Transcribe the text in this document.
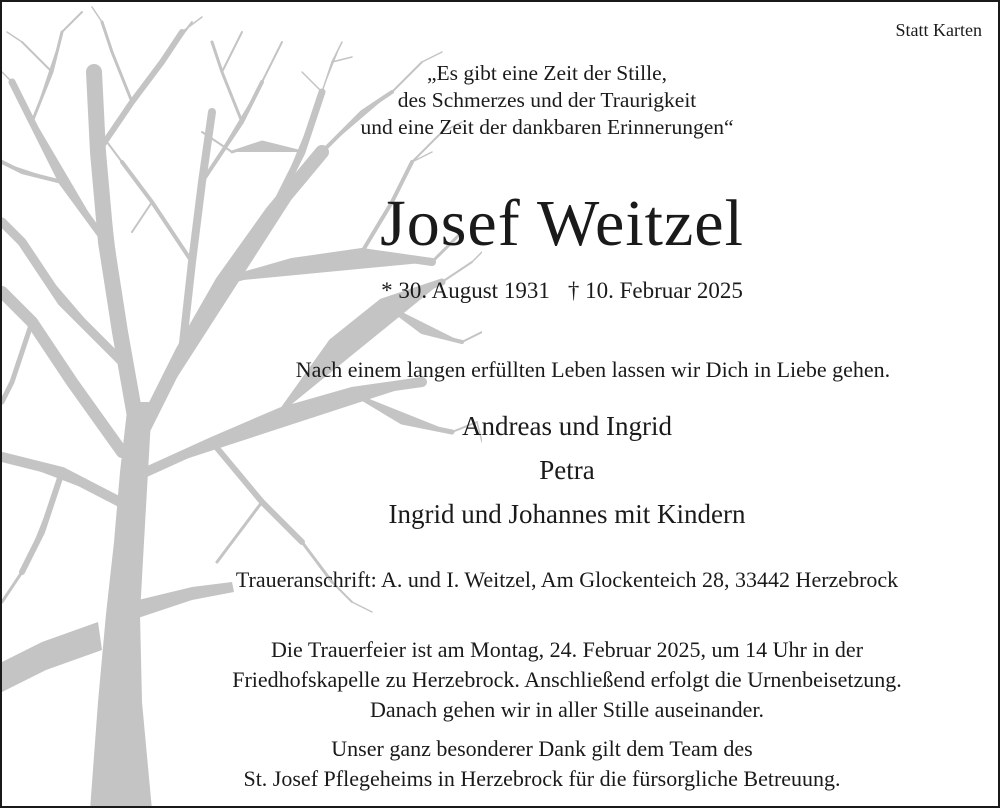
Statt Karten
„Es gibt eine Zeit der Stille,
des Schmerzes und der Traurigkeit
und eine Zeit der dankbaren Erinnerungen“
Josef Weitzel
* 30. August 1931 † 10. Februar 2025
Nach einem langen erfüllten Leben lassen wir Dich in Liebe gehen.
Andreas und Ingrid
Petra
Ingrid und Johannes mit Kindern
Traueranschrift: A. und I. Weitzel, Am Glockenteich 28, 33442 Herzebrock
Die Trauerfeier ist am Montag, 24. Februar 2025, um 14 Uhr in der
Friedhofskapelle zu Herzebrock. Anschließend erfolgt die Urnenbeisetzung.
Danach gehen wir in aller Stille auseinander.
Unser ganz besonderer Dank gilt dem Team des
St. Josef Pflegeheims in Herzebrock für die fürsorgliche Betreuung.
